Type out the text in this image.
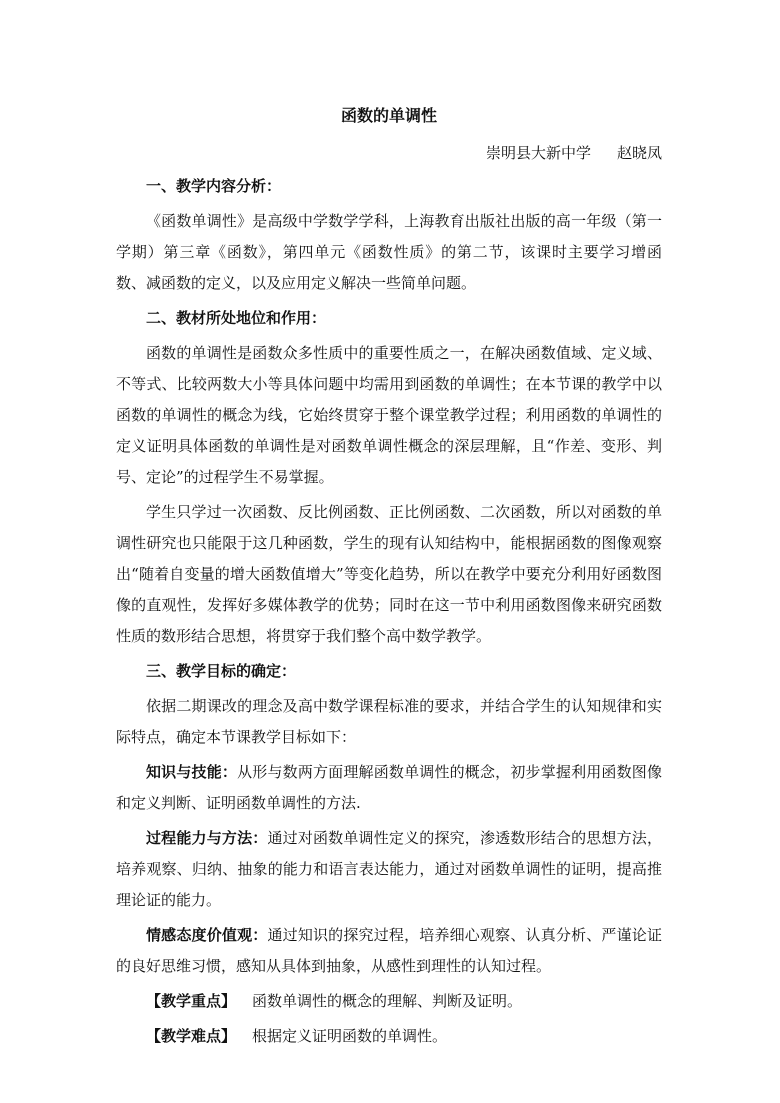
函数的单调性
崇明县大新中学 赵晓凤
一、教学内容分析：
《函数单调性》是高级中学数学学科，上海教育出版社出版的高一年级（第一学期）第三章《函数》，第四单元《函数性质》的第二节，该课时主要学习增函数、减函数的定义，以及应用定义解决一些简单问题。
二、教材所处地位和作用：
函数的单调性是函数众多性质中的重要性质之一，在解决函数值域、定义域、不等式、比较两数大小等具体问题中均需用到函数的单调性；在本节课的教学中以函数的单调性的概念为线，它始终贯穿于整个课堂教学过程；利用函数的单调性的定义证明具体函数的单调性是对函数单调性概念的深层理解，且“作差、变形、判号、定论”的过程学生不易掌握。
学生只学过一次函数、反比例函数、正比例函数、二次函数，所以对函数的单调性研究也只能限于这几种函数，学生的现有认知结构中，能根据函数的图像观察出“随着自变量的增大函数值增大”等变化趋势，所以在教学中要充分利用好函数图像的直观性，发挥好多媒体教学的优势；同时在这一节中利用函数图像来研究函数性质的数形结合思想，将贯穿于我们整个高中数学教学。
三、教学目标的确定：
依据二期课改的理念及高中数学课程标准的要求，并结合学生的认知规律和实际特点，确定本节课教学目标如下：
知识与技能：从形与数两方面理解函数单调性的概念，初步掌握利用函数图像和定义判断、证明函数单调性的方法.
过程能力与方法：通过对函数单调性定义的探究，渗透数形结合的思想方法，培养观察、归纳、抽象的能力和语言表达能力，通过对函数单调性的证明，提高推理论证的能力。
情感态度价值观：通过知识的探究过程，培养细心观察、认真分析、严谨论证的良好思维习惯，感知从具体到抽象，从感性到理性的认知过程。
【教学重点】 函数单调性的概念的理解、判断及证明。
【教学难点】 根据定义证明函数的单调性。
